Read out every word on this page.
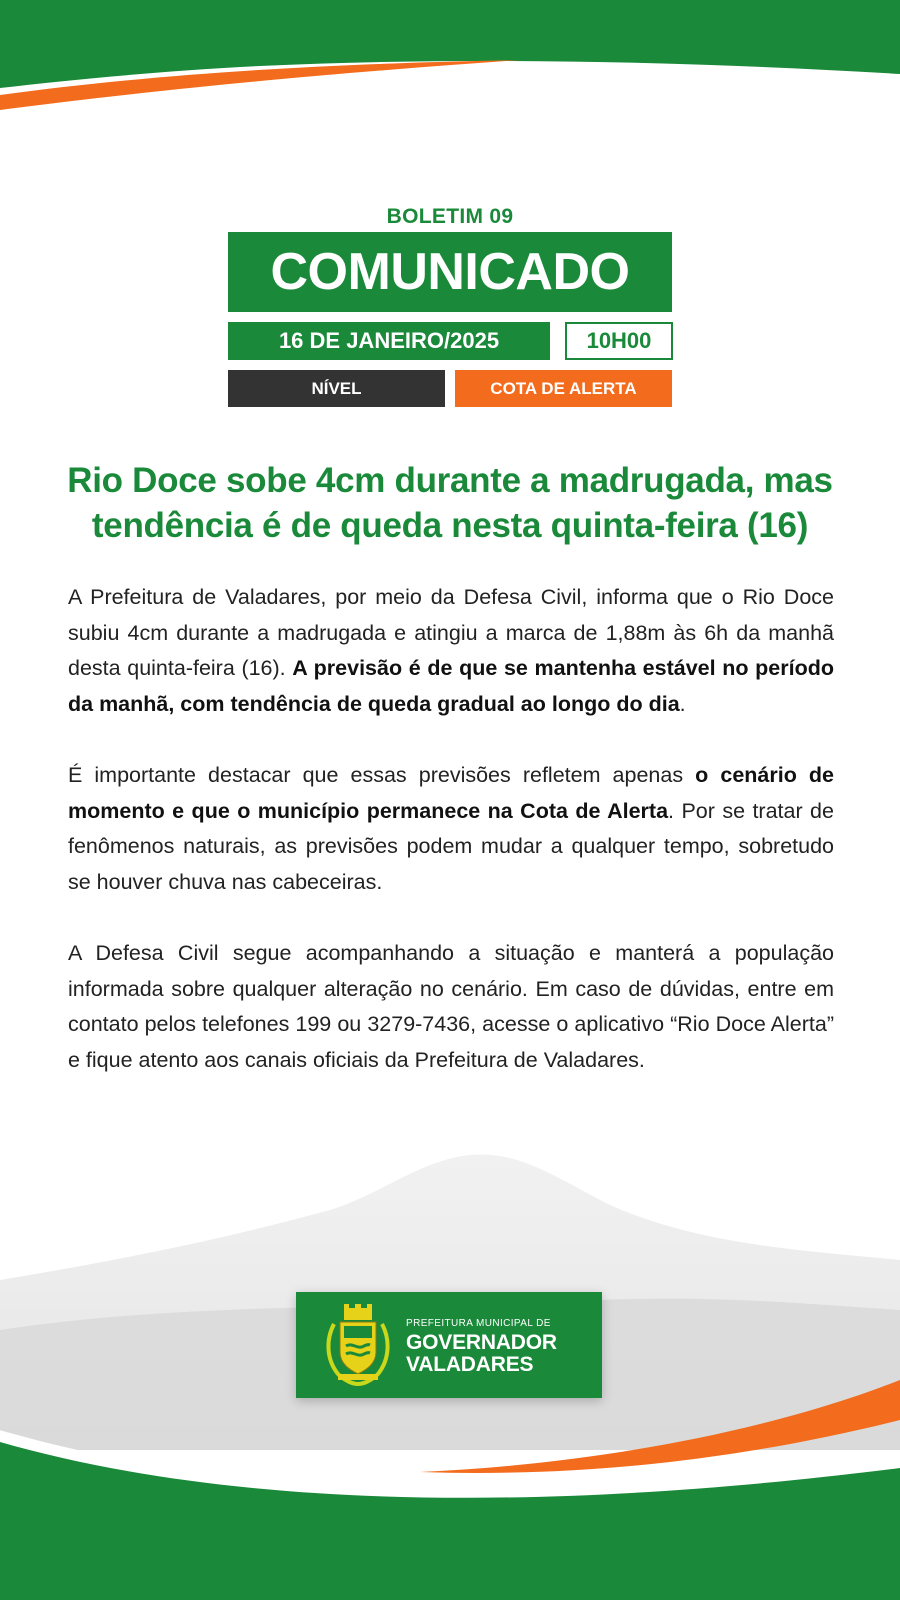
BOLETIM 09
COMUNICADO
16 DE JANEIRO/2025	10H00
NÍVEL	COTA DE ALERTA
Rio Doce sobe 4cm durante a madrugada, mas
tendência é de queda nesta quinta-feira (16)

A Prefeitura de Valadares, por meio da Defesa Civil, informa que o Rio Doce subiu 4cm durante a madrugada e atingiu a marca de 1,88m às 6h da manhã desta quinta-feira (16). A previsão é de que se mantenha estável no período da manhã, com tendência de queda gradual ao longo do dia.

É importante destacar que essas previsões refletem apenas o cenário de momento e que o município permanece na Cota de Alerta. Por se tratar de fenômenos naturais, as previsões podem mudar a qualquer tempo, sobretudo se houver chuva nas cabeceiras.

A Defesa Civil segue acompanhando a situação e manterá a população informada sobre qualquer alteração no cenário. Em caso de dúvidas, entre em contato pelos telefones 199 ou 3279-7436, acesse o aplicativo “Rio Doce Alerta” e fique atento aos canais oficiais da Prefeitura de Valadares.

PREFEITURA MUNICIPAL DE
GOVERNADOR
VALADARES
